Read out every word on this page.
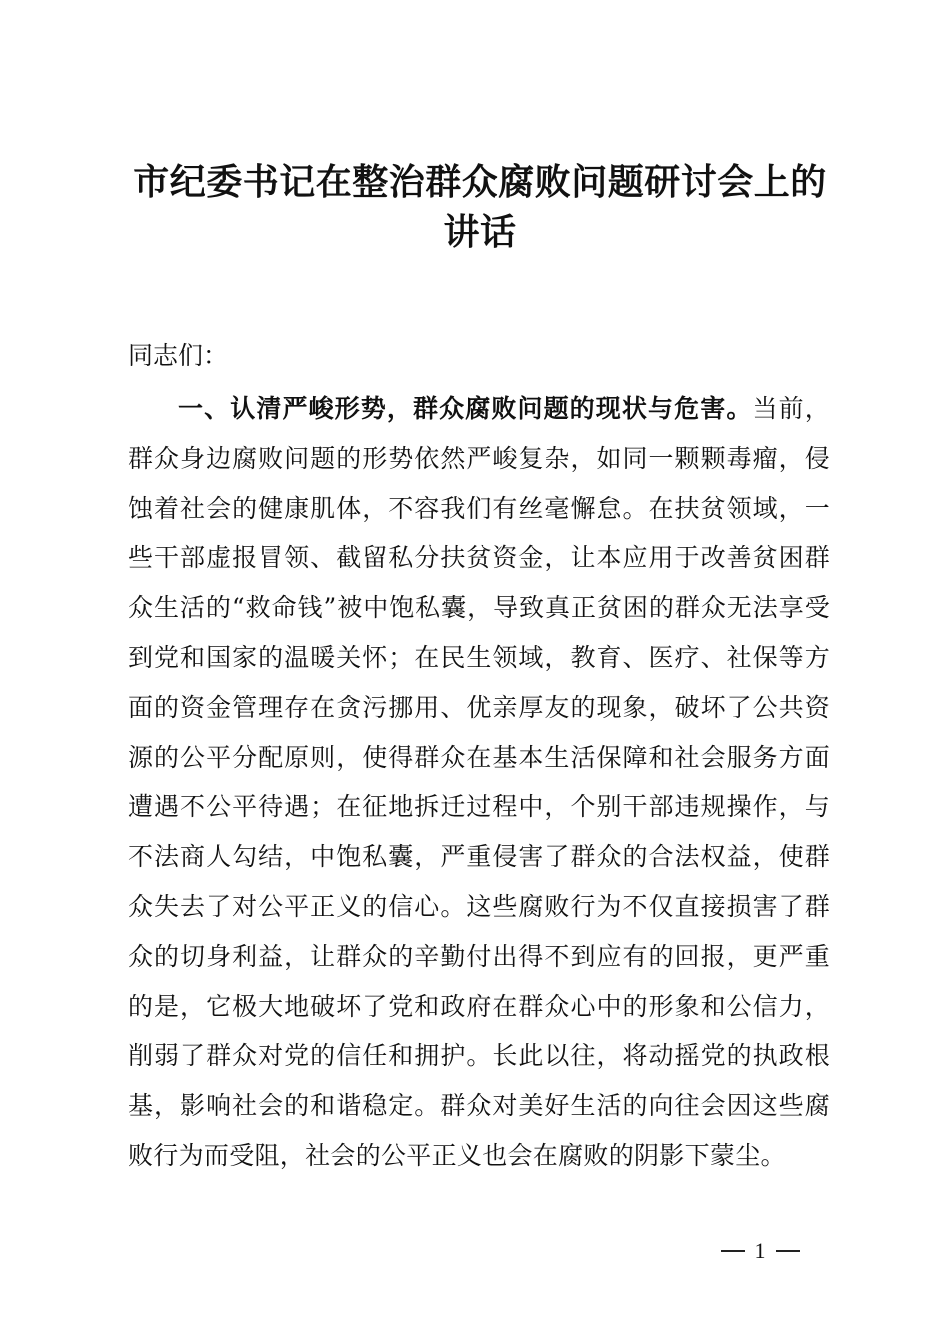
市纪委书记在整治群众腐败问题研讨会上的讲话

同志们：

一、认清严峻形势，群众腐败问题的现状与危害。当前，群众身边腐败问题的形势依然严峻复杂，如同一颗颗毒瘤，侵蚀着社会的健康肌体，不容我们有丝毫懈怠。在扶贫领域，一些干部虚报冒领、截留私分扶贫资金，让本应用于改善贫困群众生活的“救命钱”被中饱私囊，导致真正贫困的群众无法享受到党和国家的温暖关怀；在民生领域，教育、医疗、社保等方面的资金管理存在贪污挪用、优亲厚友的现象，破坏了公共资源的公平分配原则，使得群众在基本生活保障和社会服务方面遭遇不公平待遇；在征地拆迁过程中，个别干部违规操作，与不法商人勾结，中饱私囊，严重侵害了群众的合法权益，使群众失去了对公平正义的信心。这些腐败行为不仅直接损害了群众的切身利益，让群众的辛勤付出得不到应有的回报，更严重的是，它极大地破坏了党和政府在群众心中的形象和公信力，削弱了群众对党的信任和拥护。长此以往，将动摇党的执政根基，影响社会的和谐稳定。群众对美好生活的向往会因这些腐败行为而受阻，社会的公平正义也会在腐败的阴影下蒙尘。

1
